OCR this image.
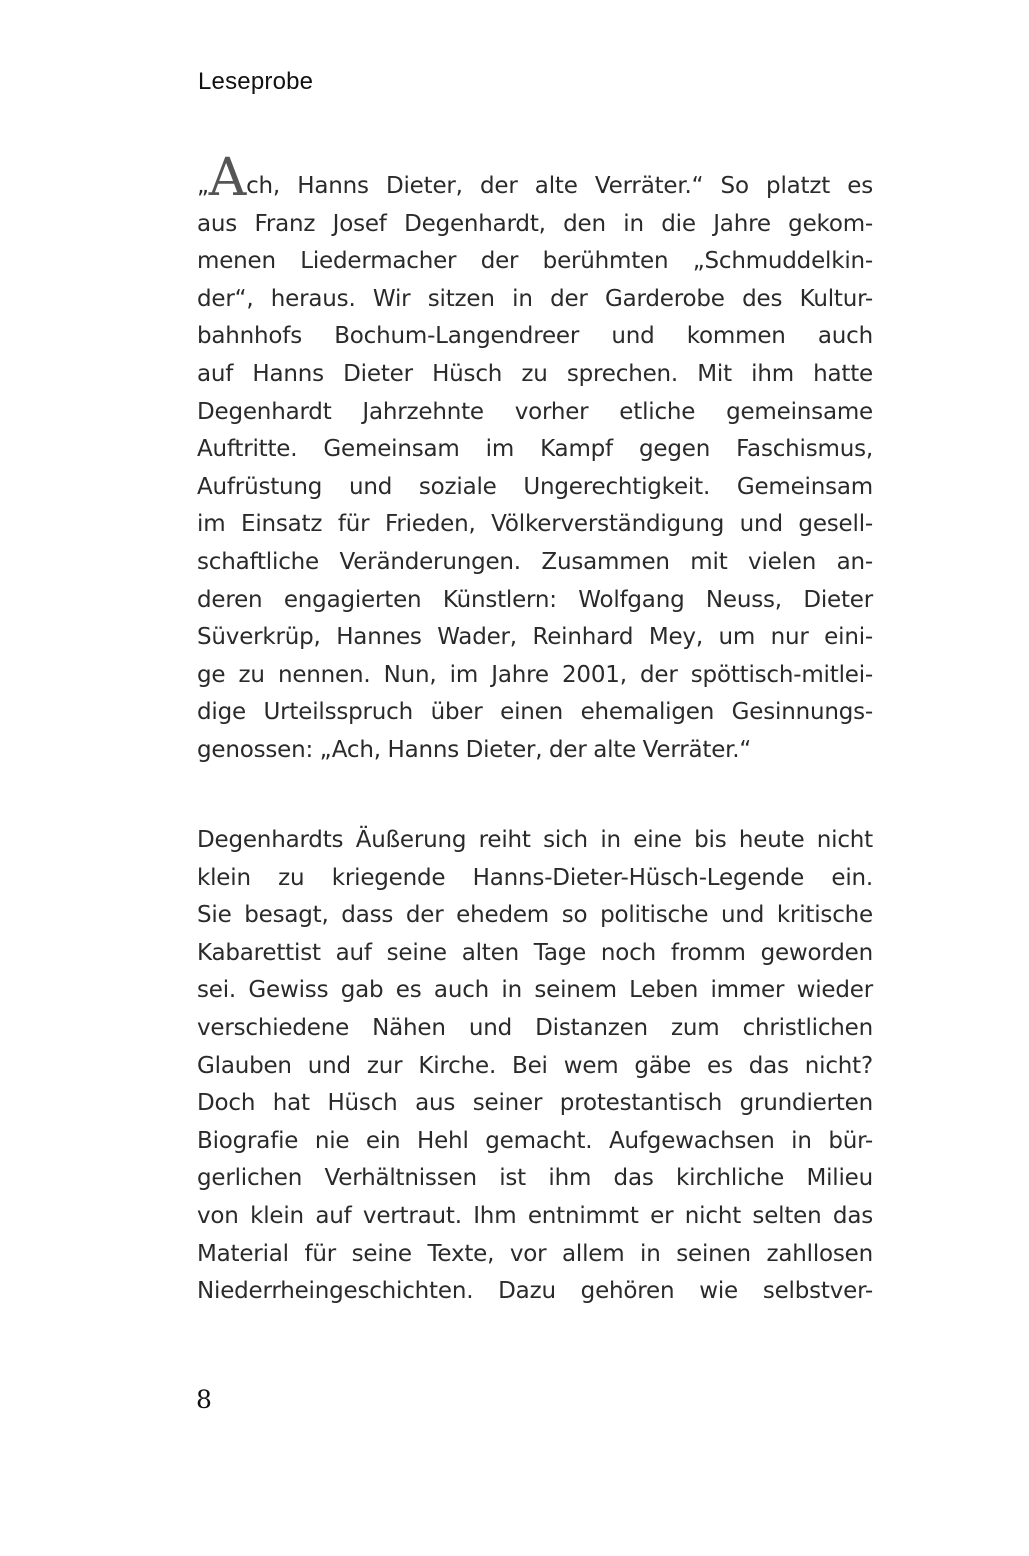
Leseprobe
„Ach, Hanns Dieter, der alte Verräter.“ So platzt es
aus Franz Josef Degenhardt, den in die Jahre gekom-
menen Liedermacher der berühmten „Schmuddelkin-
der“, heraus. Wir sitzen in der Garderobe des Kultur-
bahnhofs Bochum-Langendreer und kommen auch
auf Hanns Dieter Hüsch zu sprechen. Mit ihm hatte
Degenhardt Jahrzehnte vorher etliche gemeinsame
Auftritte. Gemeinsam im Kampf gegen Faschismus,
Aufrüstung und soziale Ungerechtigkeit. Gemeinsam
im Einsatz für Frieden, Völkerverständigung und gesell-
schaftliche Veränderungen. Zusammen mit vielen an-
deren engagierten Künstlern: Wolfgang Neuss, Dieter
Süverkrüp, Hannes Wader, Reinhard Mey, um nur eini-
ge zu nennen. Nun, im Jahre 2001, der spöttisch-mitlei-
dige Urteilsspruch über einen ehemaligen Gesinnungs-
genossen: „Ach, Hanns Dieter, der alte Verräter.“
Degenhardts Äußerung reiht sich in eine bis heute nicht
klein zu kriegende Hanns-Dieter-Hüsch-Legende ein.
Sie besagt, dass der ehedem so politische und kritische
Kabarettist auf seine alten Tage noch fromm geworden
sei. Gewiss gab es auch in seinem Leben immer wieder
verschiedene Nähen und Distanzen zum christlichen
Glauben und zur Kirche. Bei wem gäbe es das nicht?
Doch hat Hüsch aus seiner protestantisch grundierten
Biografie nie ein Hehl gemacht. Aufgewachsen in bür-
gerlichen Verhältnissen ist ihm das kirchliche Milieu
von klein auf vertraut. Ihm entnimmt er nicht selten das
Material für seine Texte, vor allem in seinen zahllosen
Niederrheingeschichten. Dazu gehören wie selbstver-
8
